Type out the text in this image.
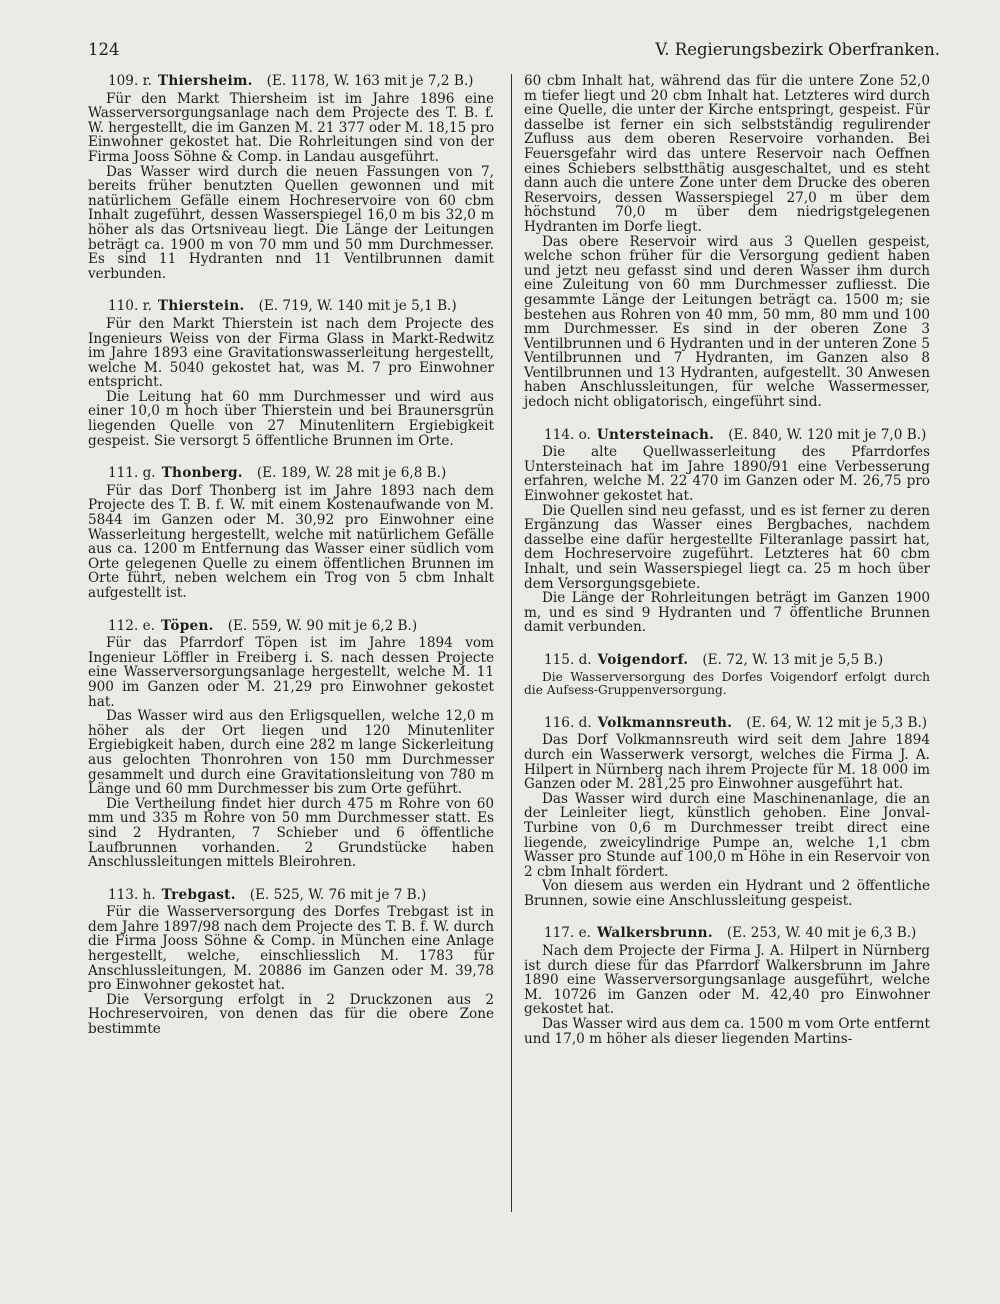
124	V. Regierungsbezirk Oberfranken.
109. r. Thiersheim. (E. 1178, W. 163 mit je 7,2 B.)

Für den Markt Thiersheim ist im Jahre 1896 eine Wasserversorgungsanlage nach dem Projecte des T. B. f. W. hergestellt, die im Ganzen M. 21 377 oder M. 18,15 pro Einwohner gekostet hat. Die Rohrleitungen sind von der Firma Jooss Söhne & Comp. in Landau ausgeführt.

Das Wasser wird durch die neuen Fassungen von 7, bereits früher benutzten Quellen gewonnen und mit natürlichem Gefälle einem Hochreservoire von 60 cbm Inhalt zugeführt, dessen Wasserspiegel 16,0 m bis 32,0 m höher als das Ortsniveau liegt. Die Länge der Leitungen beträgt ca. 1900 m von 70 mm und 50 mm Durchmesser. Es sind 11 Hydranten nnd 11 Ventilbrunnen damit verbunden.

110. r. Thierstein. (E. 719, W. 140 mit je 5,1 B.)

Für den Markt Thierstein ist nach dem Projecte des Ingenieurs Weiss von der Firma Glass in Markt-Redwitz im Jahre 1893 eine Gravitationswasserleitung hergestellt, welche M. 5040 gekostet hat, was M. 7 pro Einwohner entspricht.

Die Leitung hat 60 mm Durchmesser und wird aus einer 10,0 m hoch über Thierstein und bei Braunersgrün liegenden Quelle von 27 Minutenlitern Ergiebigkeit gespeist. Sie versorgt 5 öffentliche Brunnen im Orte.

111. g. Thonberg. (E. 189, W. 28 mit je 6,8 B.)

Für das Dorf Thonberg ist im Jahre 1893 nach dem Projecte des T. B. f. W. mit einem Kostenaufwande von M. 5844 im Ganzen oder M. 30,92 pro Einwohner eine Wasserleitung hergestellt, welche mit natürlichem Gefälle aus ca. 1200 m Entfernung das Wasser einer südlich vom Orte gelegenen Quelle zu einem öffentlichen Brunnen im Orte führt, neben welchem ein Trog von 5 cbm Inhalt aufgestellt ist.

112. e. Töpen. (E. 559, W. 90 mit je 6,2 B.)

Für das Pfarrdorf Töpen ist im Jahre 1894 vom Ingenieur Löffler in Freiberg i. S. nach dessen Projecte eine Wasserversorgungsanlage hergestellt, welche M. 11 900 im Ganzen oder M. 21,29 pro Einwohner gekostet hat.

Das Wasser wird aus den Erligsquellen, welche 12,0 m höher als der Ort liegen und 120 Minutenliter Ergiebigkeit haben, durch eine 282 m lange Sickerleitung aus gelochten Thonrohren von 150 mm Durchmesser gesammelt und durch eine Gravitationsleitung von 780 m Länge und 60 mm Durchmesser bis zum Orte geführt.

Die Vertheilung findet hier durch 475 m Rohre von 60 mm und 335 m Rohre von 50 mm Durchmesser statt. Es sind 2 Hydranten, 7 Schieber und 6 öffentliche Laufbrunnen vorhanden. 2 Grundstücke haben Anschlussleitungen mittels Bleirohren.

113. h. Trebgast. (E. 525, W. 76 mit je 7 B.)

Für die Wasserversorgung des Dorfes Trebgast ist in dem Jahre 1897/98 nach dem Projecte des T. B. f. W. durch die Firma Jooss Söhne & Comp. in München eine Anlage hergestellt, welche, einschliesslich M. 1783 für Anschlussleitungen, M. 20886 im Ganzen oder M. 39,78 pro Einwohner gekostet hat.

Die Versorgung erfolgt in 2 Druckzonen aus 2 Hochreservoiren, von denen das für die obere Zone bestimmte

60 cbm Inhalt hat, während das für die untere Zone 52,0 m tiefer liegt und 20 cbm Inhalt hat. Letzteres wird durch eine Quelle, die unter der Kirche entspringt, gespeist. Für dasselbe ist ferner ein sich selbstständig regulirender Zufluss aus dem oberen Reservoire vorhanden. Bei Feuersgefahr wird das untere Reservoir nach Oeffnen eines Schiebers selbstthätig ausgeschaltet, und es steht dann auch die untere Zone unter dem Drucke des oberen Reservoirs, dessen Wasserspiegel 27,0 m über dem höchstund 70,0 m über dem niedrigstgelegenen Hydranten im Dorfe liegt.

Das obere Reservoir wird aus 3 Quellen gespeist, welche schon früher für die Versorgung gedient haben und jetzt neu gefasst sind und deren Wasser ihm durch eine Zuleitung von 60 mm Durchmesser zufliesst. Die gesammte Länge der Leitungen beträgt ca. 1500 m; sie bestehen aus Rohren von 40 mm, 50 mm, 80 mm und 100 mm Durchmesser. Es sind in der oberen Zone 3 Ventilbrunnen und 6 Hydranten und in der unteren Zone 5 Ventilbrunnen und 7 Hydranten, im Ganzen also 8 Ventilbrunnen und 13 Hydranten, aufgestellt. 30 Anwesen haben Anschlussleitungen, für welche Wassermesser, jedoch nicht obligatorisch, eingeführt sind.

114. o. Untersteinach. (E. 840, W. 120 mit je 7,0 B.)

Die alte Quellwasserleitung des Pfarrdorfes Untersteinach hat im Jahre 1890/91 eine Verbesserung erfahren, welche M. 22 470 im Ganzen oder M. 26,75 pro Einwohner gekostet hat.

Die Quellen sind neu gefasst, und es ist ferner zu deren Ergänzung das Wasser eines Bergbaches, nachdem dasselbe eine dafür hergestellte Filteranlage passirt hat, dem Hochreservoire zugeführt. Letzteres hat 60 cbm Inhalt, und sein Wasserspiegel liegt ca. 25 m hoch über dem Versorgungsgebiete.

Die Länge der Rohrleitungen beträgt im Ganzen 1900 m, und es sind 9 Hydranten und 7 öffentliche Brunnen damit verbunden.

115. d. Voigendorf. (E. 72, W. 13 mit je 5,5 B.)

Die Wasserversorgung des Dorfes Voigendorf erfolgt durch die Aufsess-Gruppenversorgung.

116. d. Volkmannsreuth. (E. 64, W. 12 mit je 5,3 B.)

Das Dorf Volkmannsreuth wird seit dem Jahre 1894 durch ein Wasserwerk versorgt, welches die Firma J. A. Hilpert in Nürnberg nach ihrem Projecte für M. 18 000 im Ganzen oder M. 281,25 pro Einwohner ausgeführt hat.

Das Wasser wird durch eine Maschinenanlage, die an der Leinleiter liegt, künstlich gehoben. Eine Jonval-Turbine von 0,6 m Durchmesser treibt direct eine liegende, zweicylindrige Pumpe an, welche 1,1 cbm Wasser pro Stunde auf 100,0 m Höhe in ein Reservoir von 2 cbm Inhalt fördert.

Von diesem aus werden ein Hydrant und 2 öffentliche Brunnen, sowie eine Anschlussleitung gespeist.

117. e. Walkersbrunn. (E. 253, W. 40 mit je 6,3 B.)

Nach dem Projecte der Firma J. A. Hilpert in Nürnberg ist durch diese für das Pfarrdorf Walkersbrunn im Jahre 1890 eine Wasserversorgungsanlage ausgeführt, welche M. 10726 im Ganzen oder M. 42,40 pro Einwohner gekostet hat.

Das Wasser wird aus dem ca. 1500 m vom Orte entfernt und 17,0 m höher als dieser liegenden Martins-
